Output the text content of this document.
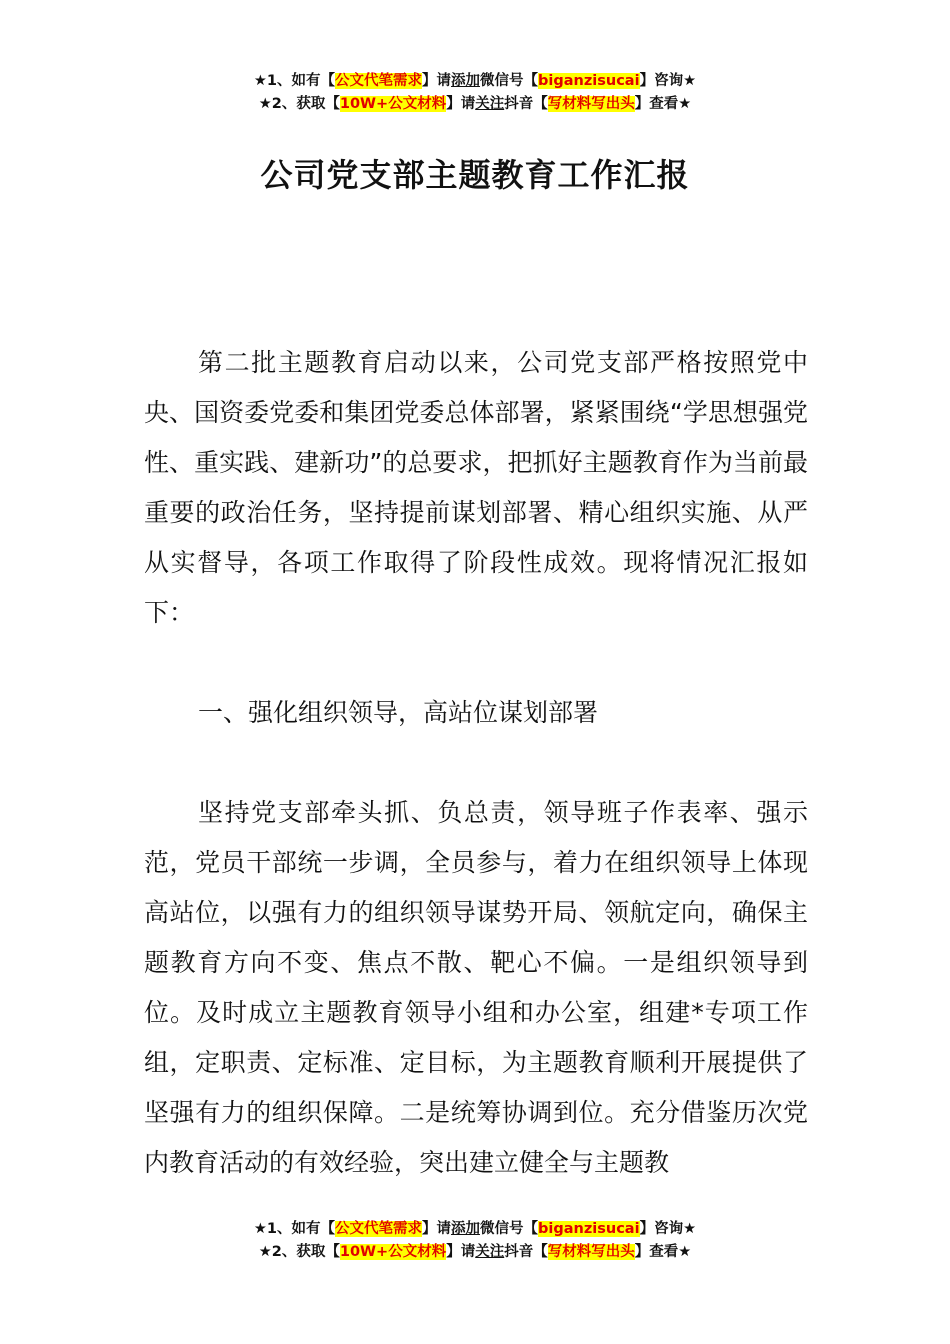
★1、如有【公文代笔需求】请添加微信号【biganzisucai】咨询★
★2、获取【10W+公文材料】请关注抖音【写材料写出头】查看★
公司党支部主题教育工作汇报

第二批主题教育启动以来，公司党支部严格按照党中央、国资委党委和集团党委总体部署，紧紧围绕“学思想强党性、重实践、建新功”的总要求，把抓好主题教育作为当前最重要的政治任务，坚持提前谋划部署、精心组织实施、从严从实督导，各项工作取得了阶段性成效。现将情况汇报如下：

一、强化组织领导，高站位谋划部署

坚持党支部牵头抓、负总责，领导班子作表率、强示范，党员干部统一步调，全员参与，着力在组织领导上体现高站位，以强有力的组织领导谋势开局、领航定向，确保主题教育方向不变、焦点不散、靶心不偏。一是组织领导到位。及时成立主题教育领导小组和办公室，组建*专项工作组，定职责、定标准、定目标，为主题教育顺利开展提供了坚强有力的组织保障。二是统筹协调到位。充分借鉴历次党内教育活动的有效经验，突出建立健全与主题教

★1、如有【公文代笔需求】请添加微信号【biganzisucai】咨询★
★2、获取【10W+公文材料】请关注抖音【写材料写出头】查看★
